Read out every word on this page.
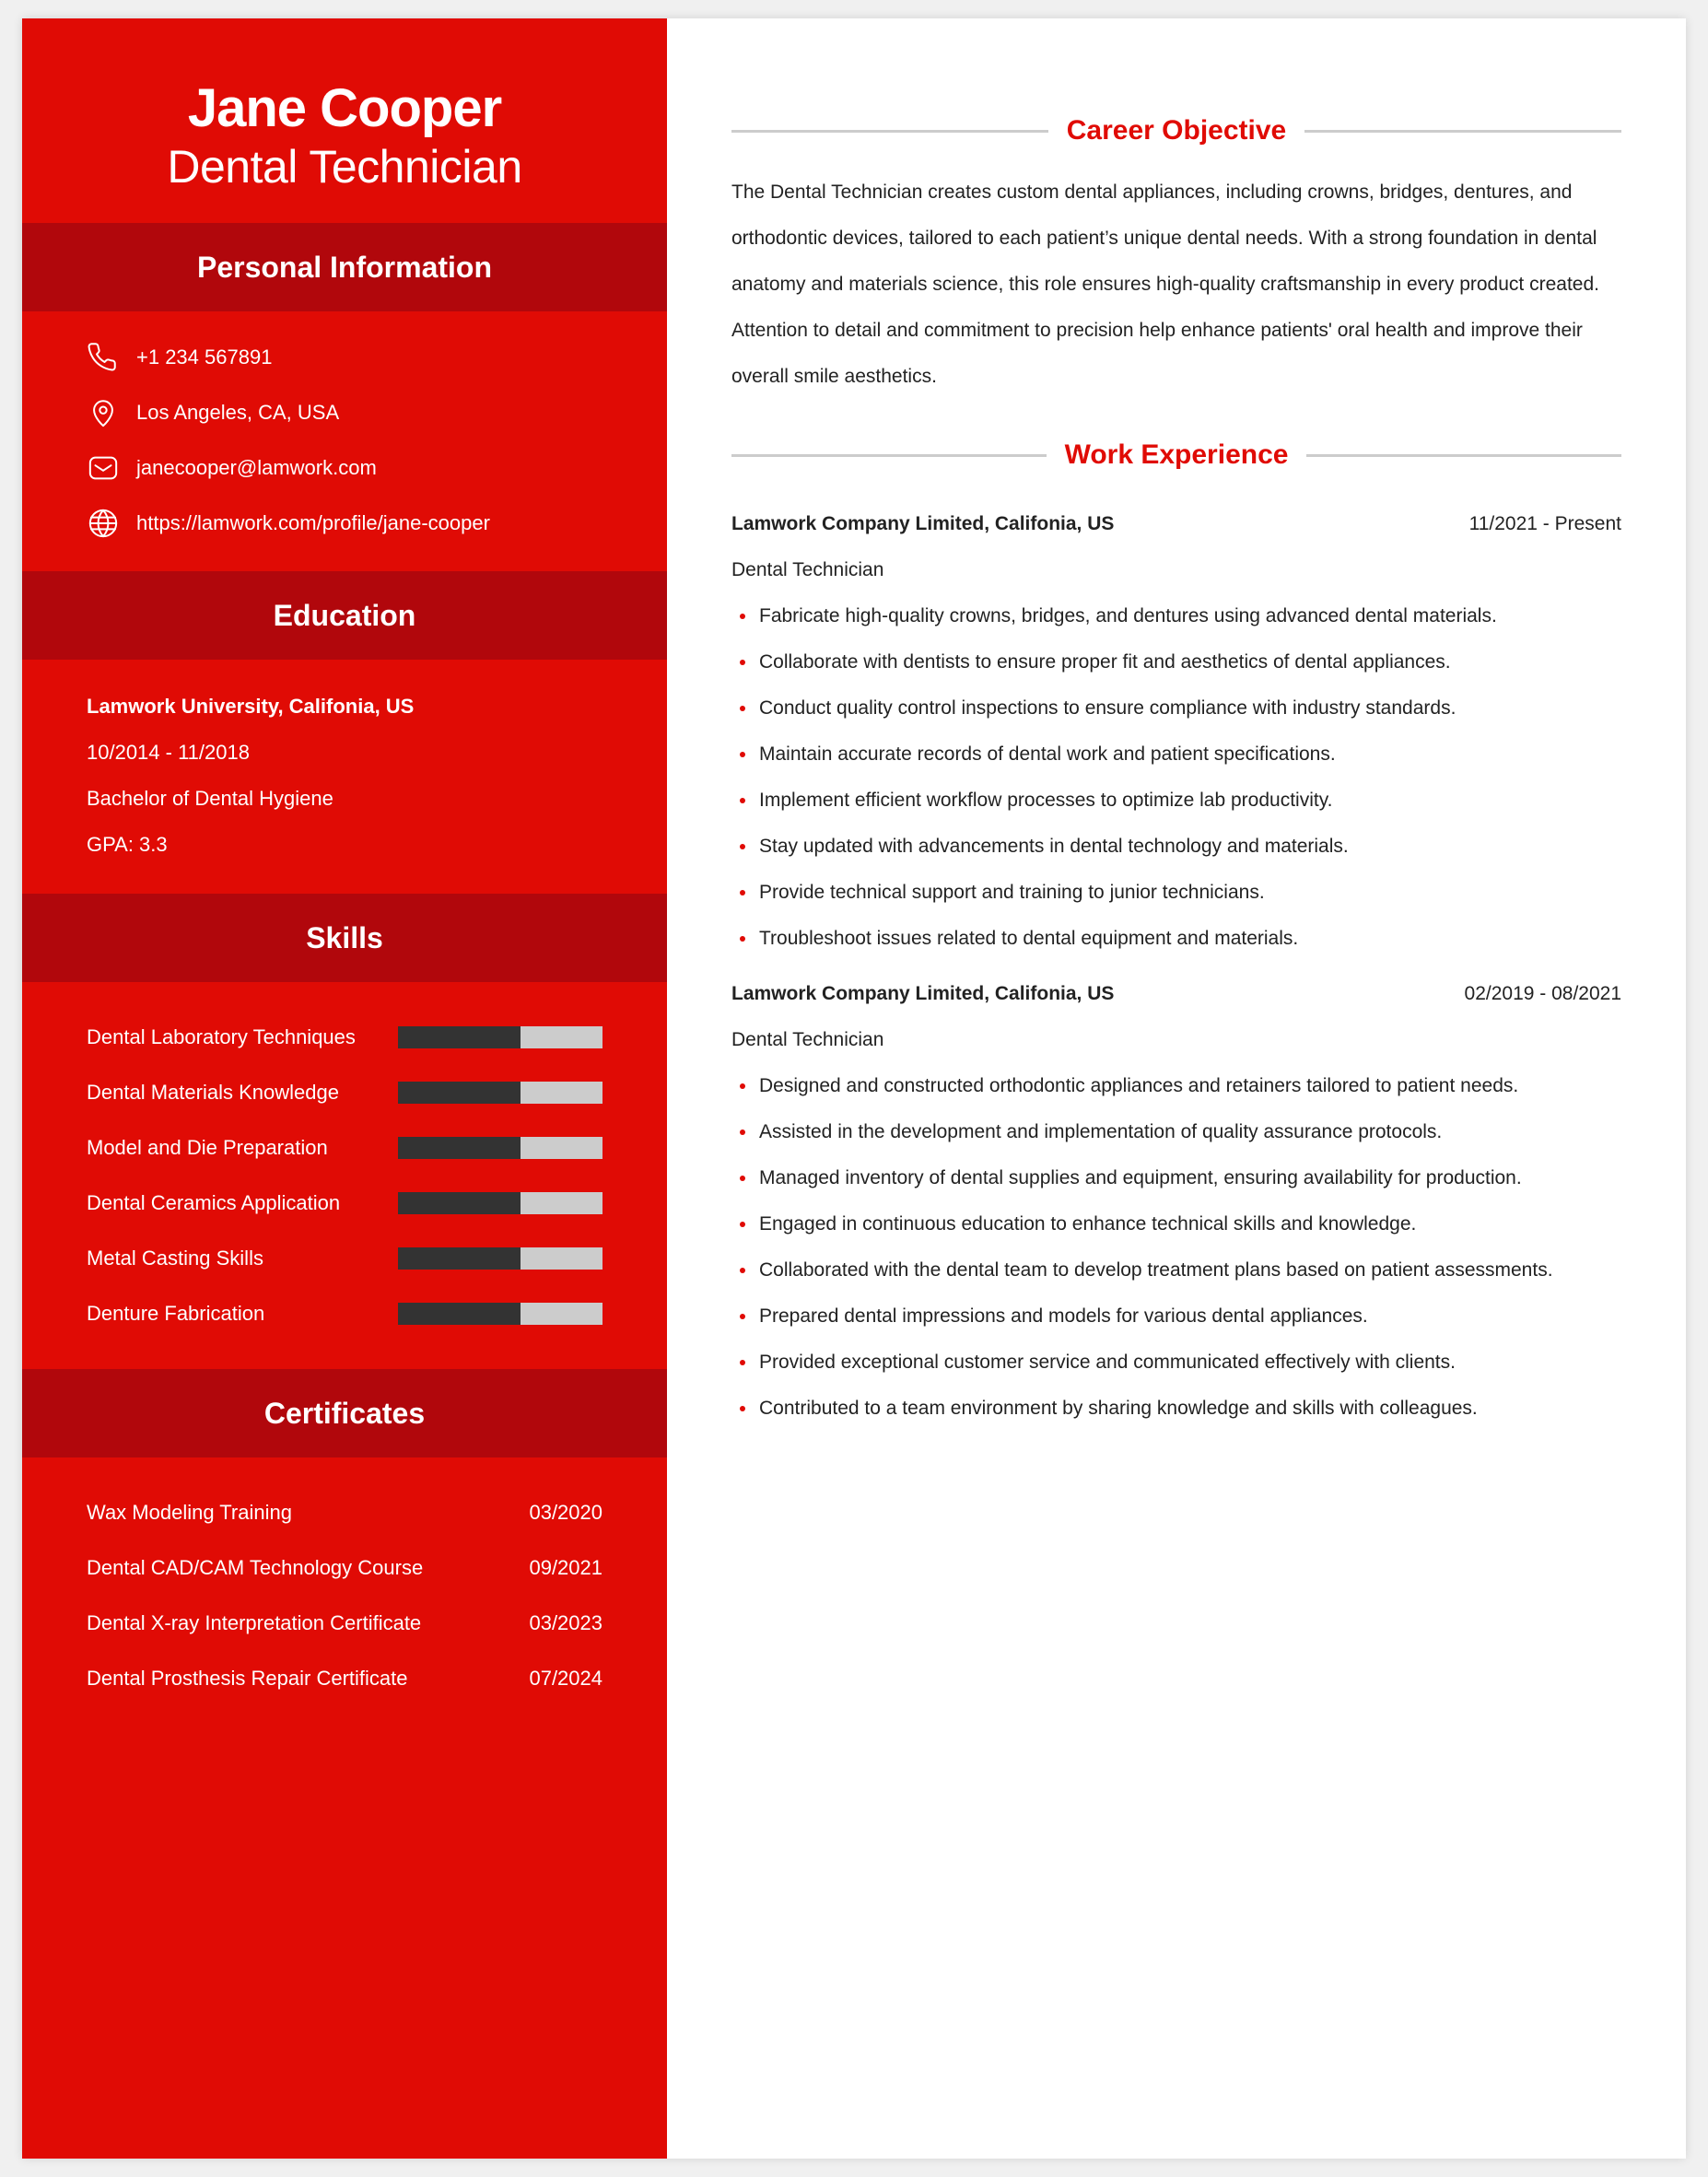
Jane Cooper
Dental Technician
Personal Information
+1 234 567891
Los Angeles, CA, USA
janecooper@lamwork.com
https://lamwork.com/profile/jane-cooper
Education
Lamwork University, Califonia, US
10/2014 - 11/2018
Bachelor of Dental Hygiene
GPA: 3.3
Skills
Dental Laboratory Techniques
Dental Materials Knowledge
Model and Die Preparation
Dental Ceramics Application
Metal Casting Skills
Denture Fabrication
Certificates
Wax Modeling Training	03/2020
Dental CAD/CAM Technology Course	09/2021
Dental X-ray Interpretation Certificate	03/2023
Dental Prosthesis Repair Certificate	07/2024
Career Objective

The Dental Technician creates custom dental appliances, including crowns, bridges, dentures, and orthodontic devices, tailored to each patient’s unique dental needs. With a strong foundation in dental anatomy and materials science, this role ensures high-quality craftsmanship in every product created. Attention to detail and commitment to precision help enhance patients' oral health and improve their overall smile aesthetics.

Work Experience
Lamwork Company Limited, Califonia, US	11/2021 - Present
Dental Technician
Fabricate high-quality crowns, bridges, and dentures using advanced dental materials.
Collaborate with dentists to ensure proper fit and aesthetics of dental appliances.
Conduct quality control inspections to ensure compliance with industry standards.
Maintain accurate records of dental work and patient specifications.
Implement efficient workflow processes to optimize lab productivity.
Stay updated with advancements in dental technology and materials.
Provide technical support and training to junior technicians.
Troubleshoot issues related to dental equipment and materials.
Lamwork Company Limited, Califonia, US	02/2019 - 08/2021
Dental Technician
Designed and constructed orthodontic appliances and retainers tailored to patient needs.
Assisted in the development and implementation of quality assurance protocols.
Managed inventory of dental supplies and equipment, ensuring availability for production.
Engaged in continuous education to enhance technical skills and knowledge.
Collaborated with the dental team to develop treatment plans based on patient assessments.
Prepared dental impressions and models for various dental appliances.
Provided exceptional customer service and communicated effectively with clients.
Contributed to a team environment by sharing knowledge and skills with colleagues.
